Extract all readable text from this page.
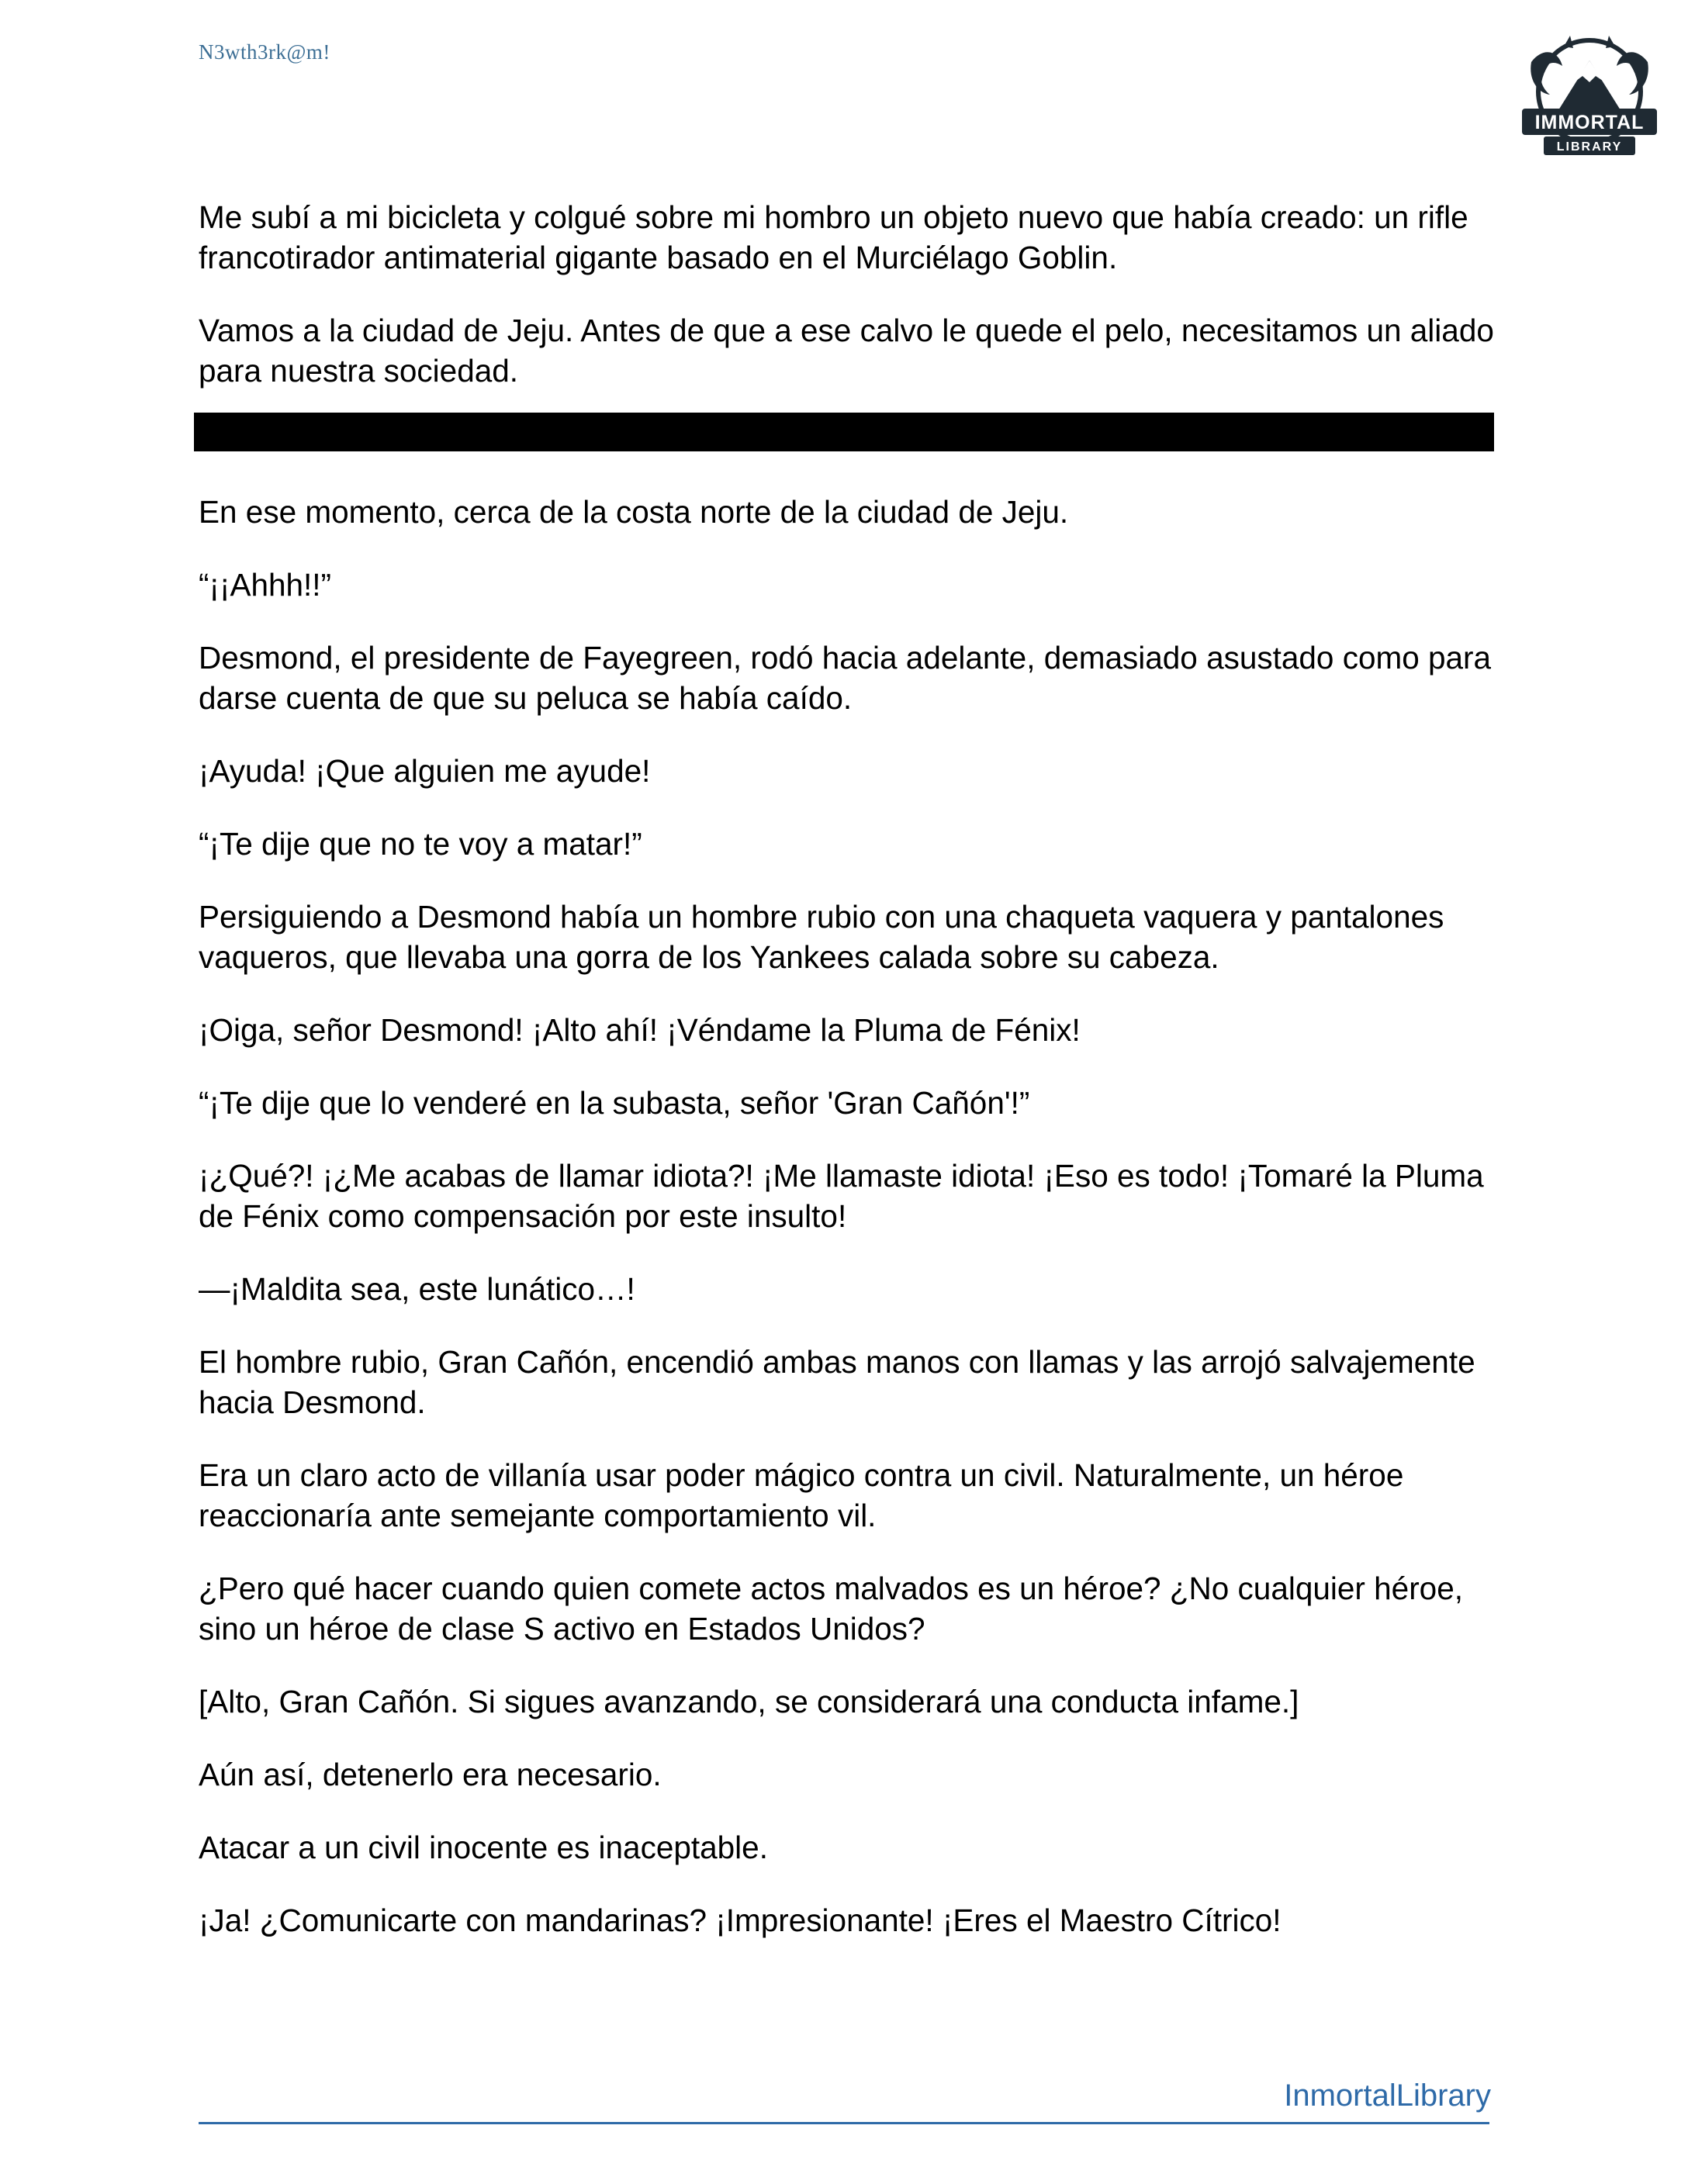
N3wth3rk@m!
IMMORTAL
LIBRARY

Me subí a mi bicicleta y colgué sobre mi hombro un objeto nuevo que había creado: un rifle francotirador antimaterial gigante basado en el Murciélago Goblin.

Vamos a la ciudad de Jeju. Antes de que a ese calvo le quede el pelo, necesitamos un aliado para nuestra sociedad.

En ese momento, cerca de la costa norte de la ciudad de Jeju.

“¡¡Ahhh!!”

Desmond, el presidente de Fayegreen, rodó hacia adelante, demasiado asustado como para darse cuenta de que su peluca se había caído.

¡Ayuda! ¡Que alguien me ayude!

“¡Te dije que no te voy a matar!”

Persiguiendo a Desmond había un hombre rubio con una chaqueta vaquera y pantalones vaqueros, que llevaba una gorra de los Yankees calada sobre su cabeza.

¡Oiga, señor Desmond! ¡Alto ahí! ¡Véndame la Pluma de Fénix!

“¡Te dije que lo venderé en la subasta, señor 'Gran Cañón'!”

¡¿Qué?! ¡¿Me acabas de llamar idiota?! ¡Me llamaste idiota! ¡Eso es todo! ¡Tomaré la Pluma de Fénix como compensación por este insulto!

—¡Maldita sea, este lunático…!

El hombre rubio, Gran Cañón, encendió ambas manos con llamas y las arrojó salvajemente hacia Desmond.

Era un claro acto de villanía usar poder mágico contra un civil. Naturalmente, un héroe reaccionaría ante semejante comportamiento vil.

¿Pero qué hacer cuando quien comete actos malvados es un héroe? ¿No cualquier héroe, sino un héroe de clase S activo en Estados Unidos?

[Alto, Gran Cañón. Si sigues avanzando, se considerará una conducta infame.]

Aún así, detenerlo era necesario.

Atacar a un civil inocente es inaceptable.

¡Ja! ¿Comunicarte con mandarinas? ¡Impresionante! ¡Eres el Maestro Cítrico!

InmortalLibrary
